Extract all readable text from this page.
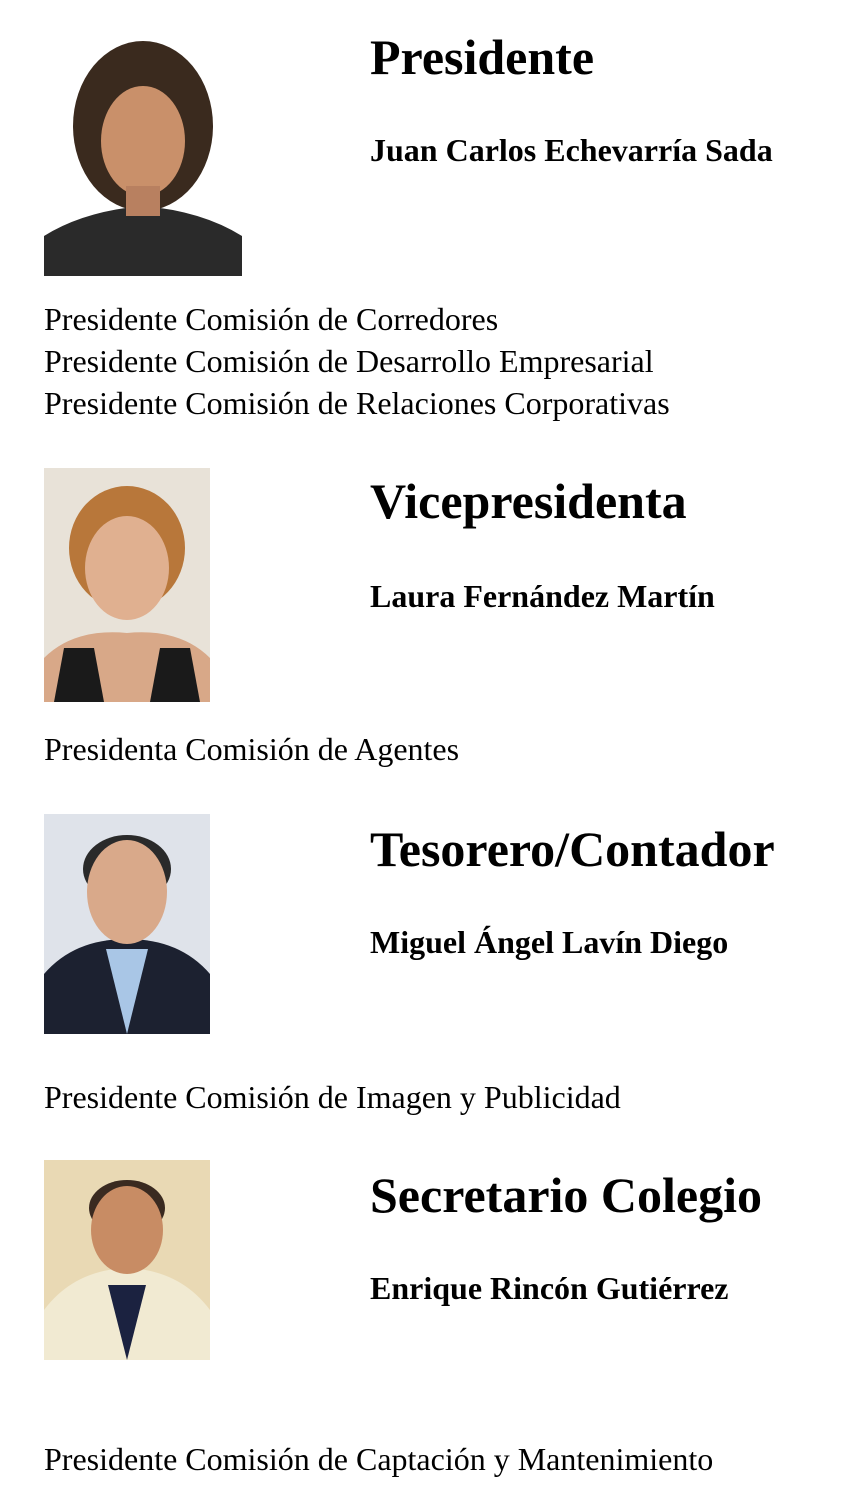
Presidente
Juan Carlos Echevarría Sada
Presidente Comisión de Corredores
Presidente Comisión de Desarrollo Empresarial
Presidente Comisión de Relaciones Corporativas
Vicepresidenta
Laura Fernández Martín
Presidenta Comisión de Agentes
Tesorero/Contador
Miguel Ángel Lavín Diego
Presidente Comisión de Imagen y Publicidad
Secretario Colegio
Enrique Rincón Gutiérrez
Presidente Comisión de Captación y Mantenimiento
